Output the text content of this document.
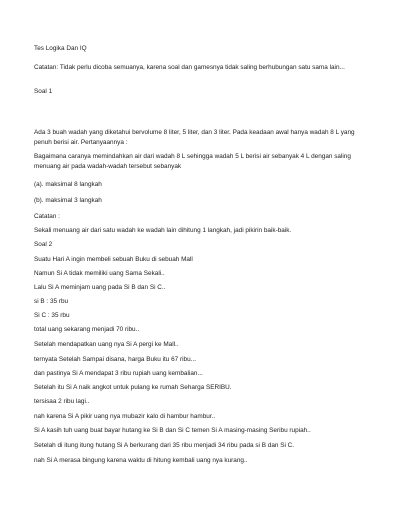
Tes Logika Dan IQ
Catatan: Tidak perlu dicoba semuanya, karena soal dan gamesnya tidak saling berhubungan satu sama lain...
Soal 1
Ada 3 buah wadah yang diketahui bervolume 8 liter, 5 liter, dan 3 liter. Pada keadaan awal hanya wadah 8 L yang penuh berisi air. Pertanyaannya :
Bagaimana caranya memindahkan air dari wadah 8 L sehingga wadah 5 L berisi air sebanyak 4 L dengan saling menuang air pada wadah-wadah tersebut sebanyak
(a). maksimal 8 langkah
(b). maksimal 3 langkah
Catatan :
Sekali menuang air dari satu wadah ke wadah lain dihitung 1 langkah, jadi pikirin baik-baik.
Soal 2
Suatu Hari A ingin membeli sebuah Buku di sebuah Mall
Namun Si A tidak memiliki uang Sama Sekali..
Lalu Si A meminjam uang pada Si B dan Si C..
si B : 35 rbu
Si C : 35 rbu
total uang sekarang menjadi 70 ribu..
Setelah mendapatkan uang nya Si A pergi ke Mall..
ternyata Setelah Sampai disana, harga Buku itu 67 ribu...
dan pastinya Si A mendapat 3 ribu rupiah uang kembalian...
Setelah itu Si A naik angkot untuk pulang ke rumah Seharga SERIBU.
tersisaa 2 ribu lagi..
nah karena Si A pikir uang nya mubazir kalo di hambur hambur..
Si A kasih tuh uang buat bayar hutang ke Si B dan Si C temen Si A masing-masing Seribu rupiah..
Setelah di itung itung hutang Si A berkurang dari 35 ribu menjadi 34 ribu pada si B dan Si C.
nah Si A merasa bingung karena waktu di hitung kembali uang nya kurang..
